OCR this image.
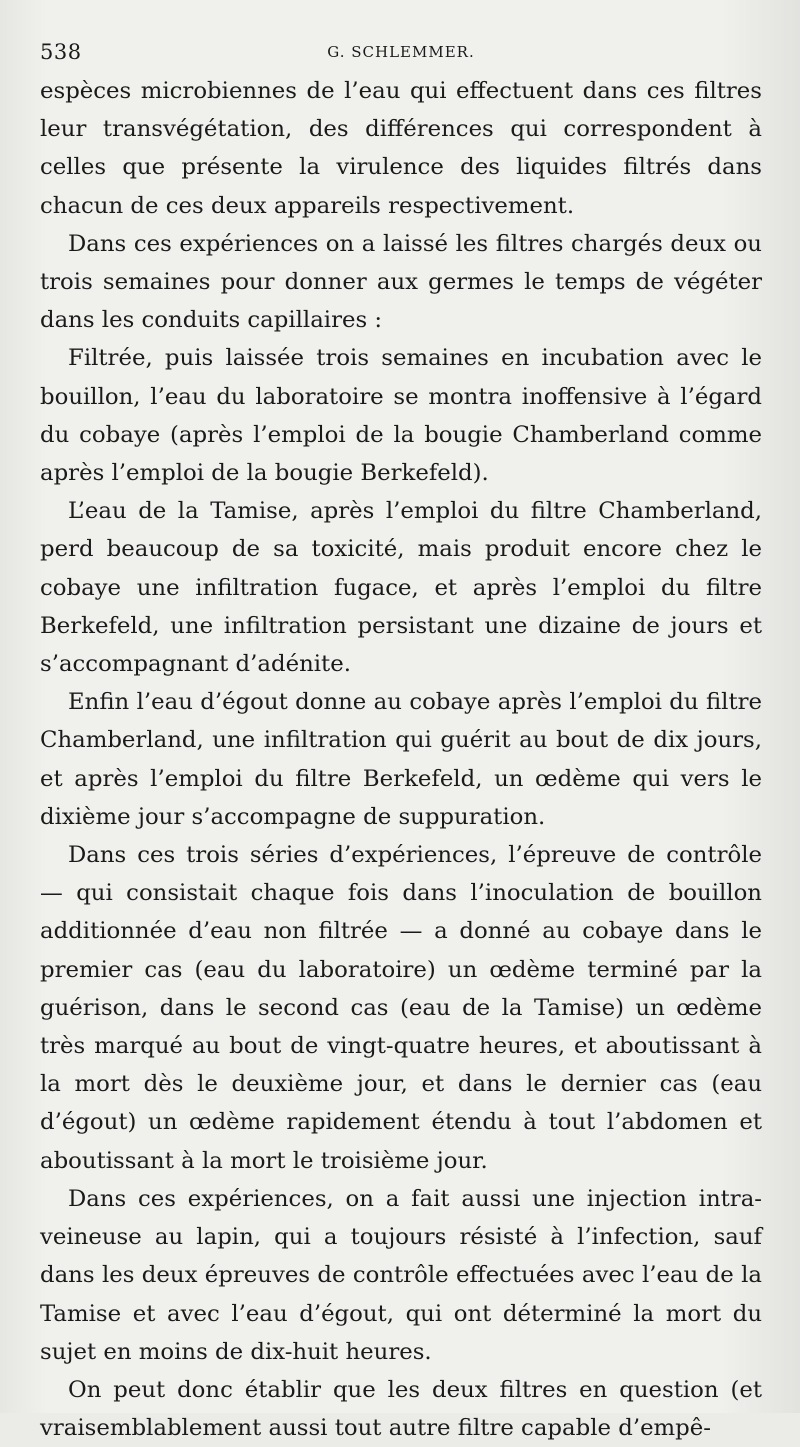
538	G. SCHLEMMER.

espèces microbiennes de l’eau qui effectuent dans ces filtres leur transvégétation, des différences qui correspondent à celles que présente la virulence des liquides filtrés dans chacun de ces deux appareils respectivement.

Dans ces expériences on a laissé les filtres chargés deux ou trois semaines pour donner aux germes le temps de végéter dans les conduits capillaires :

Filtrée, puis laissée trois semaines en incubation avec le bouillon, l’eau du laboratoire se montra inoffensive à l’égard du cobaye (après l’emploi de la bougie Chamberland comme après l’emploi de la bougie Berkefeld).

L’eau de la Tamise, après l’emploi du filtre Chamberland, perd beaucoup de sa toxicité, mais produit encore chez le cobaye une infiltration fugace, et après l’emploi du filtre Berkefeld, une infiltration persistant une dizaine de jours et s’accompagnant d’adénite.

Enfin l’eau d’égout donne au cobaye après l’emploi du filtre Chamberland, une infiltration qui guérit au bout de dix jours, et après l’emploi du filtre Berkefeld, un œdème qui vers le dixième jour s’accompagne de suppuration.

Dans ces trois séries d’expériences, l’épreuve de contrôle — qui consistait chaque fois dans l’inoculation de bouillon additionnée d’eau non filtrée — a donné au cobaye dans le premier cas (eau du laboratoire) un œdème terminé par la guérison, dans le second cas (eau de la Tamise) un œdème très marqué au bout de vingt-quatre heures, et aboutissant à la mort dès le deuxième jour, et dans le dernier cas (eau d’égout) un œdème rapidement étendu à tout l’abdomen et aboutissant à la mort le troisième jour.

Dans ces expériences, on a fait aussi une injection intraveineuse au lapin, qui a toujours résisté à l’infection, sauf dans les deux épreuves de contrôle effectuées avec l’eau de la Tamise et avec l’eau d’égout, qui ont déterminé la mort du sujet en moins de dix-huit heures.

On peut donc établir que les deux filtres en question (et vraisemblablement aussi tout autre filtre capable d’empê-
